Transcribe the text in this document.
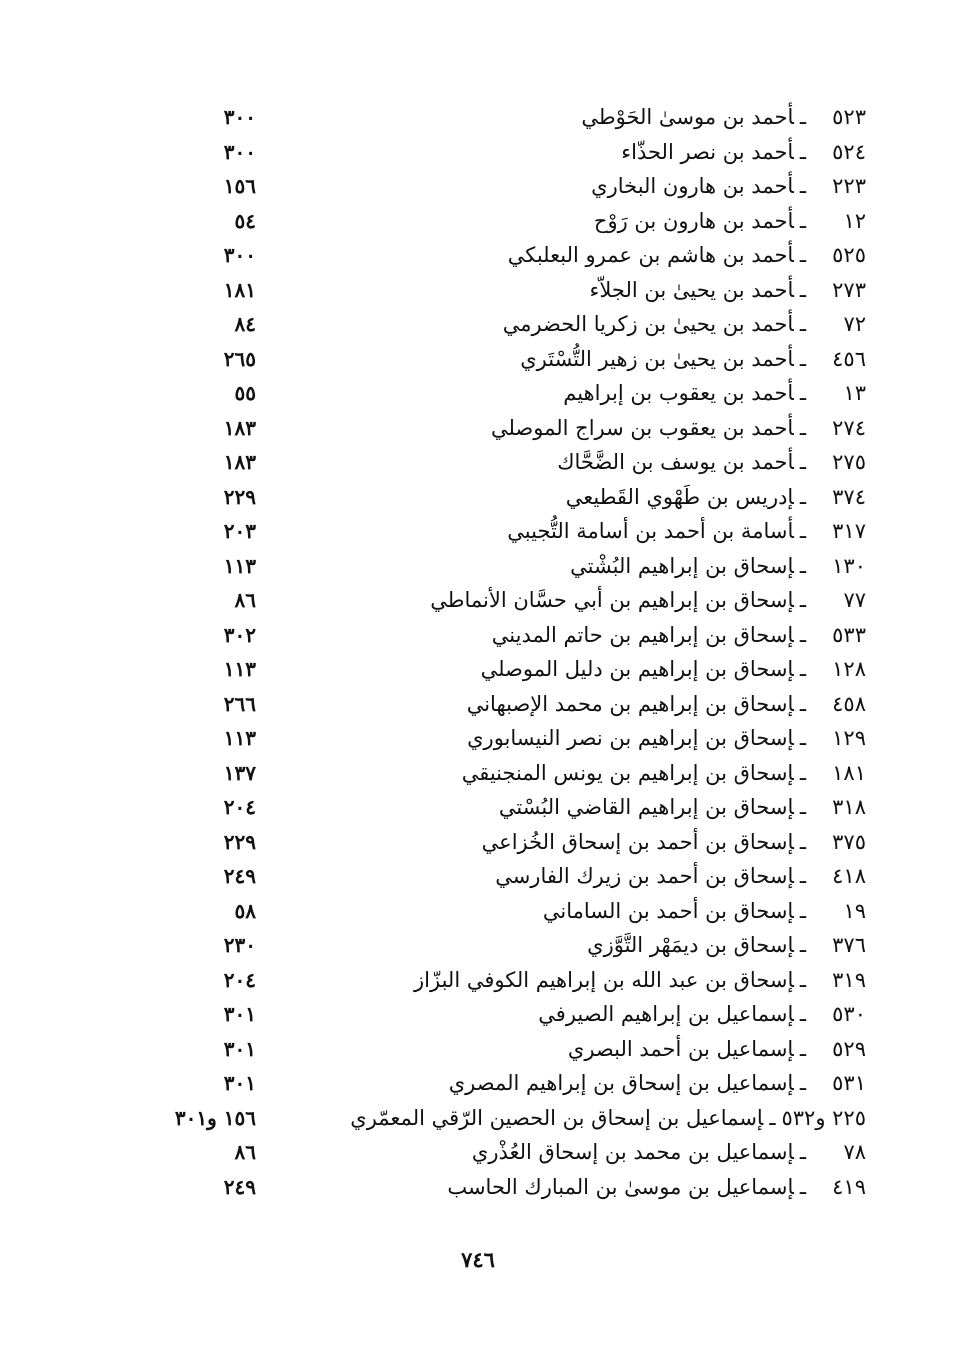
٥٢٣ـأحمد بن موسىٰ الحَوْطي
٣٠٠
٥٢٤ـأحمد بن نصر الحذّاء
٣٠٠
٢٢٣ـأحمد بن هارون البخاري
١٥٦
١٢ـأحمد بن هارون بن رَوْح
٥٤
٥٢٥ـأحمد بن هاشم بن عمرو البعلبكي
٣٠٠
٢٧٣ـأحمد بن يحيىٰ بن الجلاّء
١٨١
٧٢ـأحمد بن يحيىٰ بن زكريا الحضرمي
٨٤
٤٥٦ـأحمد بن يحيىٰ بن زهير التُّسْتَري
٢٦٥
١٣ـأحمد بن يعقوب بن إبراهيم
٥٥
٢٧٤ـأحمد بن يعقوب بن سراج الموصلي
١٨٣
٢٧٥ـأحمد بن يوسف بن الضَّحَّاك
١٨٣
٣٧٤ـإدريس بن طَهْوي القَطيعي
٢٢٩
٣١٧ـأسامة بن أحمد بن أسامة التُّجيبي
٢٠٣
١٣٠ـإسحاق بن إبراهيم البُشْتي
١١٣
٧٧ـإسحاق بن إبراهيم بن أبي حسَّان الأنماطي
٨٦
٥٣٣ـإسحاق بن إبراهيم بن حاتم المديني
٣٠٢
١٢٨ـإسحاق بن إبراهيم بن دليل الموصلي
١١٣
٤٥٨ـإسحاق بن إبراهيم بن محمد الإصبهاني
٢٦٦
١٢٩ـإسحاق بن إبراهيم بن نصر النيسابوري
١١٣
١٨١ـإسحاق بن إبراهيم بن يونس المنجنيقي
١٣٧
٣١٨ـإسحاق بن إبراهيم القاضي البُسْتي
٢٠٤
٣٧٥ـإسحاق بن أحمد بن إسحاق الخُزاعي
٢٢٩
٤١٨ـإسحاق بن أحمد بن زيرك الفارسي
٢٤٩
١٩ـإسحاق بن أحمد بن الساماني
٥٨
٣٧٦ـإسحاق بن ديمَهْر التَّوَّزي
٢٣٠
٣١٩ـإسحاق بن عبد الله بن إبراهيم الكوفي البزّاز
٢٠٤
٥٣٠ـإسماعيل بن إبراهيم الصيرفي
٣٠١
٥٢٩ـإسماعيل بن أحمد البصري
٣٠١
٥٣١ـإسماعيل بن إسحاق بن إبراهيم المصري
٣٠١
٢٢٥ و٥٣٢ـإسماعيل بن إسحاق بن الحصين الرّقي المعمّري
١٥٦ و٣٠١
٧٨ـإسماعيل بن محمد بن إسحاق العُذْري
٨٦
٤١٩ـإسماعيل بن موسىٰ بن المبارك الحاسب
٢٤٩
٧٤٦
